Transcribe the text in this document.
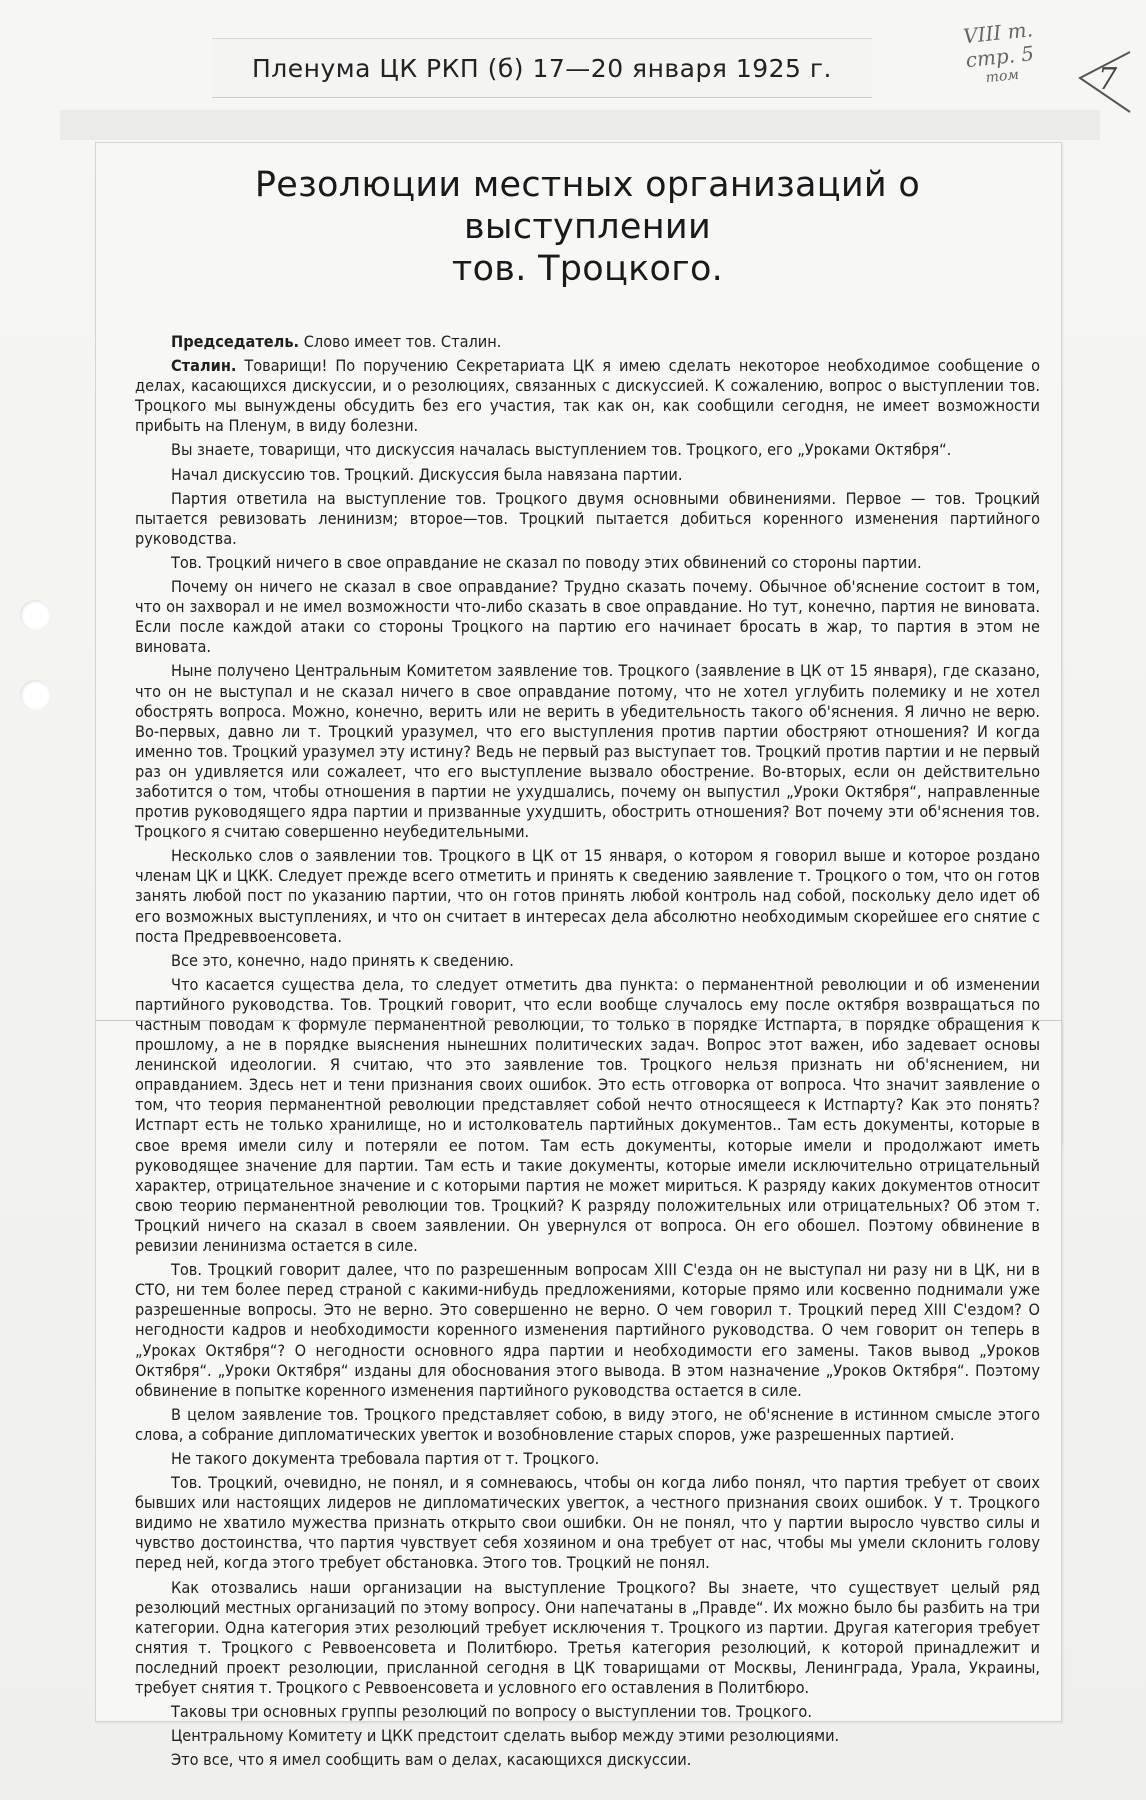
Пленума ЦК РКП (б) 17—20 января 1925 г.
VIII т. стр. 5
том	7
Резолюции местных организаций о выступлении
тов. Троцкого.

Председатель. Слово имеет тов. Сталин.

Сталин. Товарищи! По поручению Секретариата ЦК я имею сделать некоторое необходимое сообщение о делах, касающихся дискуссии, и о резолюциях, связанных с дискуссией. К сожалению, вопрос о выступлении тов. Троцкого мы вынуждены обсудить без его участия, так как он, как сообщили сегодня, не имеет возможности прибыть на Пленум, в виду болезни.

Вы знаете, товарищи, что дискуссия началась выступлением тов. Троцкого, его „Уроками Октября“.

Начал дискуссию тов. Троцкий. Дискуссия была навязана партии.

Партия ответила на выступление тов. Троцкого двумя основными обвинениями. Первое — тов. Троцкий пытается ревизовать ленинизм; второе—тов. Троцкий пытается добиться коренного изменения партийного руководства.

Тов. Троцкий ничего в свое оправдание не сказал по поводу этих обвинений со стороны партии.

Почему он ничего не сказал в свое оправдание? Трудно сказать почему. Обычное об'яснение состоит в том, что он захворал и не имел возможности что-либо сказать в свое оправдание. Но тут, конечно, партия не виновата. Если после каждой атаки со стороны Троцкого на партию его начинает бросать в жар, то партия в этом не виновата.

Ныне получено Центральным Комитетом заявление тов. Троцкого (заявление в ЦК от 15 января), где сказано, что он не выступал и не сказал ничего в свое оправдание потому, что не хотел углубить полемику и не хотел обострять вопроса. Можно, конечно, верить или не верить в убедительность такого об'яснения. Я лично не верю. Во-первых, давно ли т. Троцкий уразумел, что его выступления против партии обостряют отношения? И когда именно тов. Троцкий уразумел эту истину? Ведь не первый раз выступает тов. Троцкий против партии и не первый раз он удивляется или сожалеет, что его выступление вызвало обострение. Во-вторых, если он действительно заботится о том, чтобы отношения в партии не ухудшались, почему он выпустил „Уроки Октября“, направленные против руководящего ядра партии и призванные ухудшить, обострить отношения? Вот почему эти об'яснения тов. Троцкого я считаю совершенно неубедительными.

Несколько слов о заявлении тов. Троцкого в ЦК от 15 января, о котором я говорил выше и которое роздано членам ЦК и ЦКК. Следует прежде всего отметить и принять к сведению заявление т. Троцкого о том, что он готов занять любой пост по указанию партии, что он готов принять любой контроль над собой, поскольку дело идет об его возможных выступлениях, и что он считает в интересах дела абсолютно необходимым скорейшее его снятие с поста Предреввоенсовета.

Все это, конечно, надо принять к сведению.

Что касается существа дела, то следует отметить два пункта: о перманентной революции и об изменении партийного руководства. Тов. Троцкий говорит, что если вообще случалось ему после октября возвращаться по частным поводам к формуле перманентной революции, то только в порядке Истпарта, в порядке обращения к прошлому, а не в порядке выяснения нынешних политических задач. Вопрос этот важен, ибо задевает основы ленинской идеологии. Я считаю, что это заявление тов. Троцкого нельзя признать ни об'яснением, ни оправданием. Здесь нет и тени признания своих ошибок. Это есть отговорка от вопроса. Что значит заявление о том, что теория перманентной революции представляет собой нечто относящееся к Истпарту? Как это понять? Истпарт есть не только хранилище, но и истолкователь партийных документов.. Там есть документы, которые в свое время имели силу и потеряли ее потом. Там есть документы, которые имели и продолжают иметь руководящее значение для партии. Там есть и такие документы, которые имели исключительно отрицательный характер, отрицательное значение и с которыми партия не может мириться. К разряду каких документов относит свою теорию перманентной революции тов. Троцкий? К разряду положительных или отрицательных? Об этом т. Троцкий ничего на сказал в своем заявлении. Он увернулся от вопроса. Он его обошел. Поэтому обвинение в ревизии ленинизма остается в силе.

Тов. Троцкий говорит далее, что по разрешенным вопросам XIII С'езда он не выступал ни разу ни в ЦК, ни в СТО, ни тем более перед страной с какими-нибудь предложениями, которые прямо или косвенно поднимали уже разрешенные вопросы. Это не верно. Это совершенно не верно. О чем говорил т. Троцкий перед XIII С'ездом? О негодности кадров и необходимости коренного изменения партийного руководства. О чем говорит он теперь в „Уроках Октября“? О негодности основного ядра партии и необходимости его замены. Таков вывод „Уроков Октября“. „Уроки Октября“ изданы для обоснования этого вывода. В этом назначение „Уроков Октября“. Поэтому обвинение в попытке коренного изменения партийного руководства остается в силе.

В целом заявление тов. Троцкого представляет собою, в виду этого, не об'яснение в истинном смысле этого слова, а собрание дипломатических увerток и возобновление старых споров, уже разрешенных партией.

Не такого документа требовала партия от т. Троцкого.

Тов. Троцкий, очевидно, не понял, и я сомневаюсь, чтобы он когда либо понял, что партия требует от своих бывших или настоящих лидеров не дипломатических увerток, а честного признания своих ошибок. У т. Троцкого видимо не хватило мужества признать открыто свои ошибки. Он не понял, что у партии выросло чувство силы и чувство достоинства, что партия чувствует себя хозяином и она требует от нас, чтобы мы умели склонить голову перед ней, когда этого требует обстановка. Этого тов. Троцкий не понял.

Как отозвались наши организации на выступление Троцкого? Вы знаете, что существует целый ряд резолюций местных организаций по этому вопросу. Они напечатаны в „Правде“. Их можно было бы разбить на три категории. Одна категория этих резолюций требует исключения т. Троцкого из партии. Другая категория требует снятия т. Троцкого с Реввоенсовета и Политбюро. Третья категория резолюций, к которой принадлежит и последний проект резолюции, присланной сегодня в ЦК товарищами от Москвы, Ленинграда, Урала, Украины, требует снятия т. Троцкого с Реввоенсовета и условного его оставления в Политбюро.

Таковы три основных группы резолюций по вопросу о выступлении тов. Троцкого.

Центральному Комитету и ЦКК предстоит сделать выбор между этими резолюциями.

Это все, что я имел сообщить вам о делах, касающихся дискуссии.
